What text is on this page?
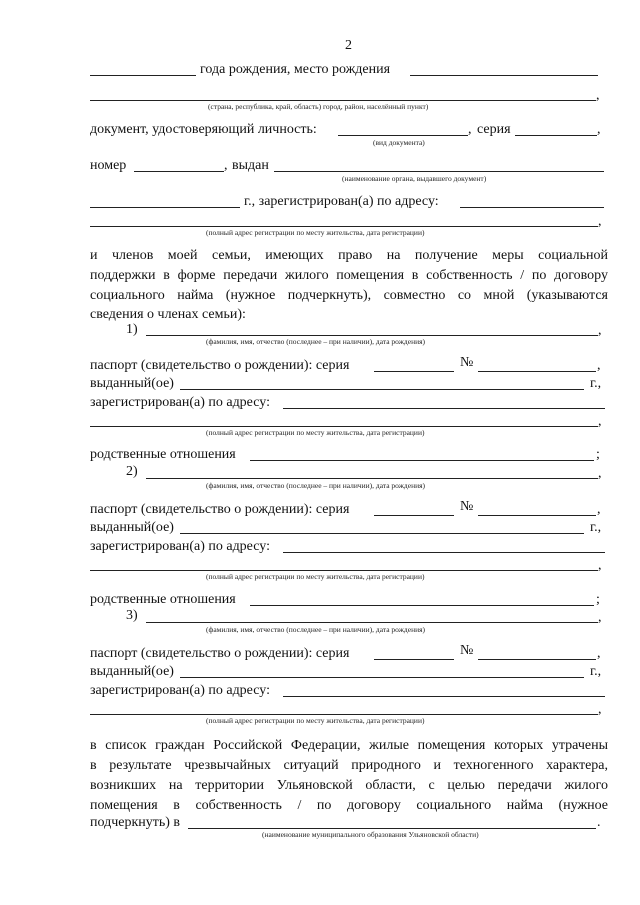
2
года рождения, место рождения
,
(страна, республика, край, область) город, район, населённый пункт)
документ, удостоверяющий личность:	, серия	,
(вид документа)
номер	, выдан
(наименование органа, выдавшего документ)
г., зарегистрирован(а) по адресу:
,
(полный адрес регистрации по месту жительства, дата регистрации)
и членов моей семьи, имеющих право на получение меры социальной
поддержки в форме передачи жилого помещения в собственность / по договору
социального найма (нужное подчеркнуть), совместно со мной (указываются
сведения о членах семьи):
1)	,
(фамилия, имя, отчество (последнее – при наличии), дата рождения)
паспорт (свидетельство о рождении): серия	№	,
выданный(ое)	г.,
зарегистрирован(а) по адресу:
,
(полный адрес регистрации по месту жительства, дата регистрации)
родственные отношения	;
2)	,
(фамилия, имя, отчество (последнее – при наличии), дата рождения)
паспорт (свидетельство о рождении): серия	№	,
выданный(ое)	г.,
зарегистрирован(а) по адресу:
,
(полный адрес регистрации по месту жительства, дата регистрации)
родственные отношения	;
3)	,
(фамилия, имя, отчество (последнее – при наличии), дата рождения)
паспорт (свидетельство о рождении): серия	№	,
выданный(ое)	г.,
зарегистрирован(а) по адресу:
,
(полный адрес регистрации по месту жительства, дата регистрации)
в список граждан Российской Федерации, жилые помещения которых утрачены
в результате чрезвычайных ситуаций природного и техногенного характера,
возникших на территории Ульяновской области, с целью передачи жилого
помещения в собственность / по договору социального найма (нужное
подчеркнуть) в	.
(наименование муниципального образования Ульяновской области)
